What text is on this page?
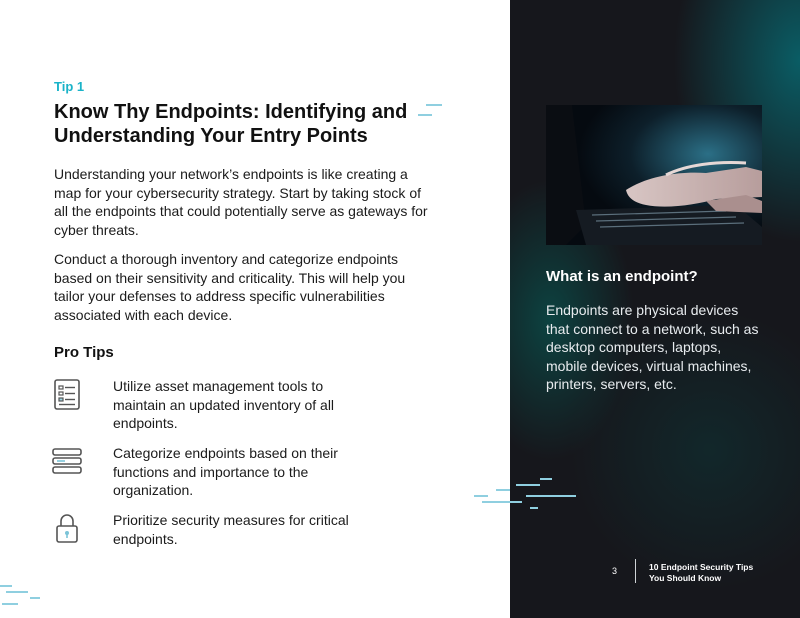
Tip 1
Know Thy Endpoints: Identifying and Understanding Your Entry Points

Understanding your network’s endpoints is like creating a map for your cybersecurity strategy. Start by taking stock of all the endpoints that could potentially serve as gateways for cyber threats.

Conduct a thorough inventory and categorize endpoints based on their sensitivity and criticality. This will help you tailor your defenses to address specific vulnerabilities associated with each device.

Pro Tips
Utilize asset management tools to maintain an updated inventory of all endpoints.
Categorize endpoints based on their functions and importance to the organization.
Prioritize security measures for critical endpoints.
What is an endpoint?

Endpoints are physical devices that connect to a network, such as desktop computers, laptops, mobile devices, virtual machines, printers, servers, etc.

3	10 Endpoint Security Tips You Should Know
